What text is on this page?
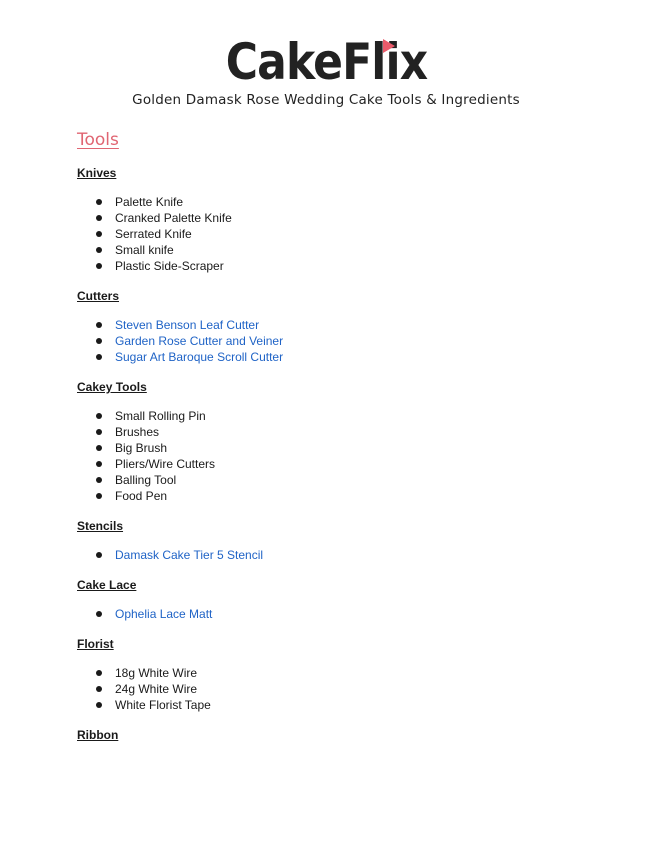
CakeFlix
Golden Damask Rose Wedding Cake Tools & Ingredients
Tools
Knives
Palette Knife
Cranked Palette Knife
Serrated Knife
Small knife
Plastic Side-Scraper
Cutters
Steven Benson Leaf Cutter
Garden Rose Cutter and Veiner
Sugar Art Baroque Scroll Cutter
Cakey Tools
Small Rolling Pin
Brushes
Big Brush
Pliers/Wire Cutters
Balling Tool
Food Pen
Stencils
Damask Cake Tier 5 Stencil
Cake Lace
Ophelia Lace Matt
Florist
18g White Wire
24g White Wire
White Florist Tape
Ribbon
